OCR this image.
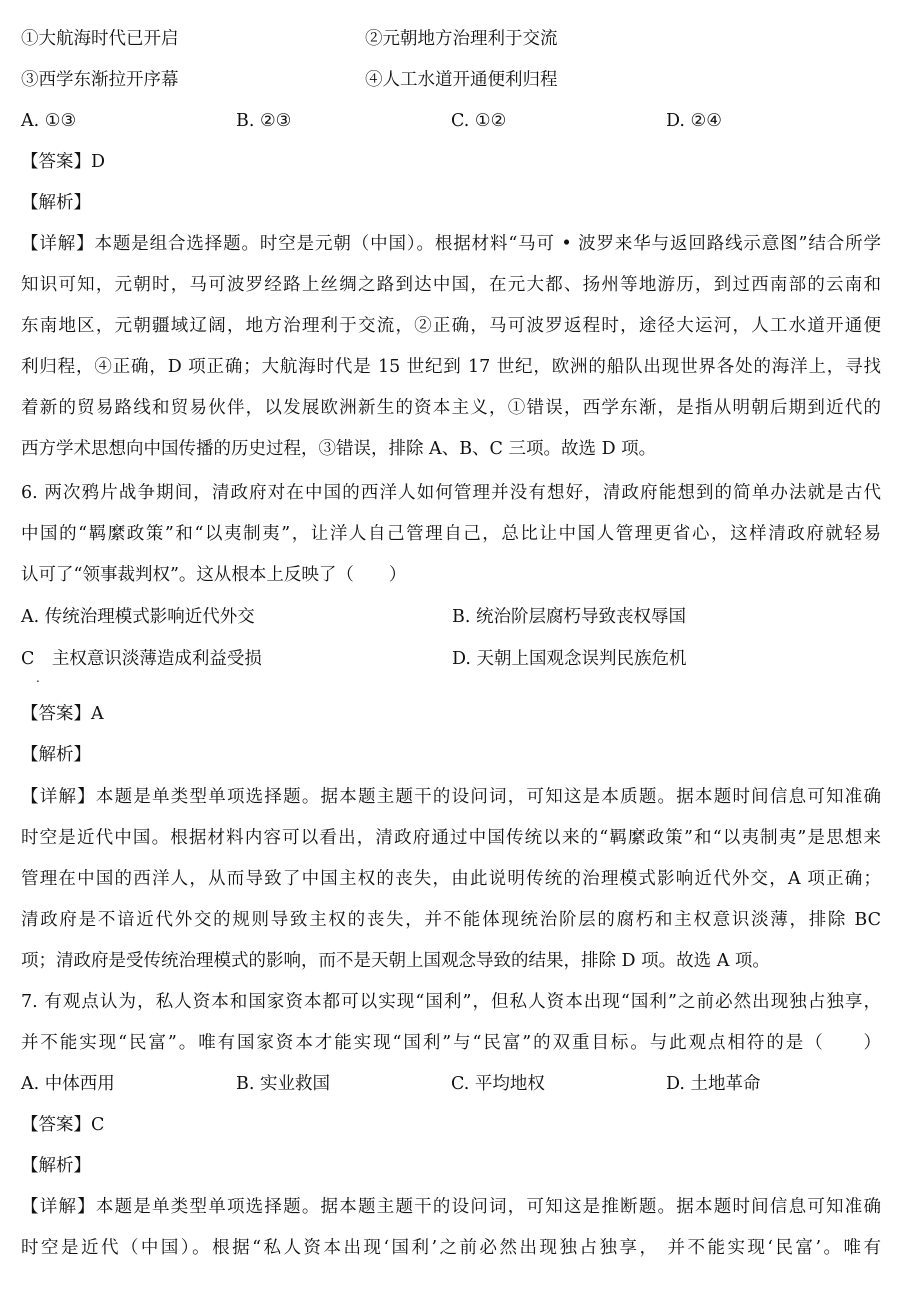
①大航海时代已开启	②元朝地方治理利于交流
③西学东渐拉开序幕	④人工水道开通便利归程
A. ①③	B. ②③	C. ①②	D. ②④
【答案】D
【解析】
【详解】本题是组合选择题。时空是元朝（中国）。根据材料“马可 • 波罗来华与返回路线示意图”结合所学
知识可知，元朝时，马可波罗经路上丝绸之路到达中国，在元大都、扬州等地游历，到过西南部的云南和
东南地区，元朝疆域辽阔，地方治理利于交流，②正确，马可波罗返程时，途径大运河，人工水道开通便
利归程，④正确，D 项正确；大航海时代是 15 世纪到 17 世纪，欧洲的船队出现世界各处的海洋上，寻找
着新的贸易路线和贸易伙伴，以发展欧洲新生的资本主义，①错误，西学东渐，是指从明朝后期到近代的
西方学术思想向中国传播的历史过程，③错误，排除 A、B、C 三项。故选 D 项。
6. 两次鸦片战争期间，清政府对在中国的西洋人如何管理并没有想好，清政府能想到的简单办法就是古代
中国的“羁縻政策”和“以夷制夷”，让洋人自己管理自己，总比让中国人管理更省心，这样清政府就轻易
认可了“领事裁判权”。这从根本上反映了（　　）
A. 传统治理模式影响近代外交	B. 统治阶层腐朽导致丧权辱国
C　主权意识淡薄造成利益受损	D. 天朝上国观念误判民族危机
.
【答案】A
【解析】
【详解】本题是单类型单项选择题。据本题主题干的设问词，可知这是本质题。据本题时间信息可知准确
时空是近代中国。根据材料内容可以看出，清政府通过中国传统以来的“羁縻政策”和“以夷制夷”是思想来
管理在中国的西洋人，从而导致了中国主权的丧失，由此说明传统的治理模式影响近代外交，A 项正确；
清政府是不谙近代外交的规则导致主权的丧失，并不能体现统治阶层的腐朽和主权意识淡薄，排除 BC
项；清政府是受传统治理模式的影响，而不是天朝上国观念导致的结果，排除 D 项。故选 A 项。
7. 有观点认为，私人资本和国家资本都可以实现“国利”，但私人资本出现“国利”之前必然出现独占独享，
并不能实现“民富”。唯有国家资本才能实现“国利”与“民富”的双重目标。与此观点相符的是（　　）
A. 中体西用	B. 实业救国	C. 平均地权	D. 土地革命
【答案】C
【解析】
【详解】本题是单类型单项选择题。据本题主题干的设问词，可知这是推断题。据本题时间信息可知准确
时空是近代（中国）。根据“私人资本出现‘国利’之前必然出现独占独享， 并不能实现‘民富’。唯有
